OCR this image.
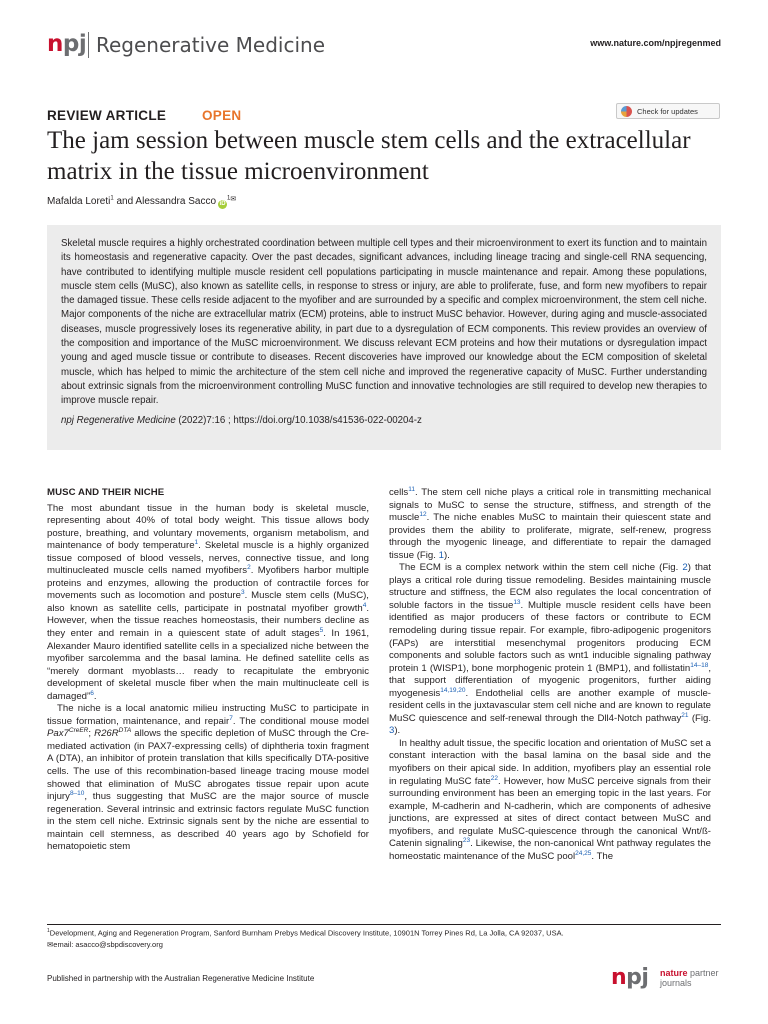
npj Regenerative Medicine	www.nature.com/npjregenmed
REVIEW ARTICLE	OPEN	Check for updates
The jam session between muscle stem cells and the extracellular matrix in the tissue microenvironment
Mafalda Loreti$^1$ and Alessandra Sacco $iD^{1✉}$

Skeletal muscle requires a highly orchestrated coordination between multiple cell types and their microenvironment to exert its function and to maintain its homeostasis and regenerative capacity. Over the past decades, significant advances, including lineage tracing and single-cell RNA sequencing, have contributed to identifying multiple muscle resident cell populations participating in muscle maintenance and repair. Among these populations, muscle stem cells (MuSC), also known as satellite cells, in response to stress or injury, are able to proliferate, fuse, and form new myofibers to repair the damaged tissue. These cells reside adjacent to the myofiber and are surrounded by a specific and complex microenvironment, the stem cell niche. Major components of the niche are extracellular matrix (ECM) proteins, able to instruct MuSC behavior. However, during aging and muscle-associated diseases, muscle progressively loses its regenerative ability, in part due to a dysregulation of ECM components. This review provides an overview of the composition and importance of the MuSC microenvironment. We discuss relevant ECM proteins and how their mutations or dysregulation impact young and aged muscle tissue or contribute to diseases. Recent discoveries have improved our knowledge about the ECM composition of skeletal muscle, which has helped to mimic the architecture of the stem cell niche and improved the regenerative capacity of MuSC. Further understanding about extrinsic signals from the microenvironment controlling MuSC function and innovative technologies are still required to develop new therapies to improve muscle repair.

npj Regenerative Medicine (2022)7:16 ; https://doi.org/10.1038/s41536-022-00204-z
MUSC AND THEIR NICHE

The most abundant tissue in the human body is skeletal muscle, representing about 40% of total body weight. This tissue allows body posture, breathing, and voluntary movements, organism metabolism, and maintenance of body temperature$^1$. Skeletal muscle is a highly organized tissue composed of blood vessels, nerves, connective tissue, and long multinucleated muscle cells named myofibers$^2$. Myofibers harbor multiple proteins and enzymes, allowing the production of contractile forces for movements such as locomotion and posture$^3$. Muscle stem cells (MuSC), also known as satellite cells, participate in postnatal myofiber growth$^4$. However, when the tissue reaches homeostasis, their numbers decline as they enter and remain in a quiescent state of adult stages$^5$. In 1961, Alexander Mauro identified satellite cells in a specialized niche between the myofiber sarcolemma and the basal lamina. He defined satellite cells as “merely dormant myoblasts… ready to recapitulate the embryonic development of skeletal muscle fiber when the main multinucleate cell is damaged”$^6$.

The niche is a local anatomic milieu instructing MuSC to participate in tissue formation, maintenance, and repair$^7$. The conditional mouse model $Pax7^{CreER}$; $R26R^{DTA}$ allows the specific depletion of MuSC through the Cre-mediated activation (in PAX7-expressing cells) of diphtheria toxin fragment A (DTA), an inhibitor of protein translation that kills specifically DTA-positive cells. The use of this recombination-based lineage tracing mouse model showed that elimination of MuSC abrogates tissue repair upon acute injury$^{8-10}$, thus suggesting that MuSC are the major source of muscle regeneration. Several intrinsic and extrinsic factors regulate MuSC function in the stem cell niche. Extrinsic signals sent by the niche are essential to maintain cell stemness, as described 40 years ago by Schofield for hematopoietic stem

cells$^{11}$. The stem cell niche plays a critical role in transmitting mechanical signals to MuSC to sense the structure, stiffness, and strength of the muscle$^{12}$. The niche enables MuSC to maintain their quiescent state and provides them the ability to proliferate, migrate, self-renew, progress through the myogenic lineage, and differentiate to repair the damaged tissue (Fig. 1).

The ECM is a complex network within the stem cell niche (Fig. 2) that plays a critical role during tissue remodeling. Besides maintaining muscle structure and stiffness, the ECM also regulates the local concentration of soluble factors in the tissue$^{13}$. Multiple muscle resident cells have been identified as major producers of these factors or contribute to ECM remodeling during tissue repair. For example, fibro-adipogenic progenitors (FAPs) are interstitial mesenchymal progenitors producing ECM components and soluble factors such as wnt1 inducible signaling pathway protein 1 (WISP1), bone morphogenic protein 1 (BMP1), and follistatin$^{14-18}$, that support differentiation of myogenic progenitors, further aiding myogenesis$^{14,19,20}$. Endothelial cells are another example of muscle-resident cells in the juxtavascular stem cell niche and are known to regulate MuSC quiescence and self-renewal through the Dll4-Notch pathway$^{21}$ (Fig. 3).

In healthy adult tissue, the specific location and orientation of MuSC set a constant interaction with the basal lamina on the basal side and the myofibers on their apical side. In addition, myofibers play an essential role in regulating MuSC fate$^{22}$. However, how MuSC perceive signals from their surrounding environment has been an emerging topic in the last years. For example, M-cadherin and N-cadherin, which are components of adhesive junctions, are expressed at sites of direct contact between MuSC and myofibers, and regulate MuSC-quiescence through the canonical Wnt/ß-Catenin signaling$^{23}$. Likewise, the non-canonical Wnt pathway regulates the homeostatic maintenance of the MuSC pool$^{24,25}$. The

$^1$Development, Aging and Regeneration Program, Sanford Burnham Prebys Medical Discovery Institute, 10901N Torrey Pines Rd, La Jolla, CA 92037, USA.
✉email: asacco@sbpdiscovery.org
Published in partnership with the Australian Regenerative Medicine Institute	npj nature partner
journals
